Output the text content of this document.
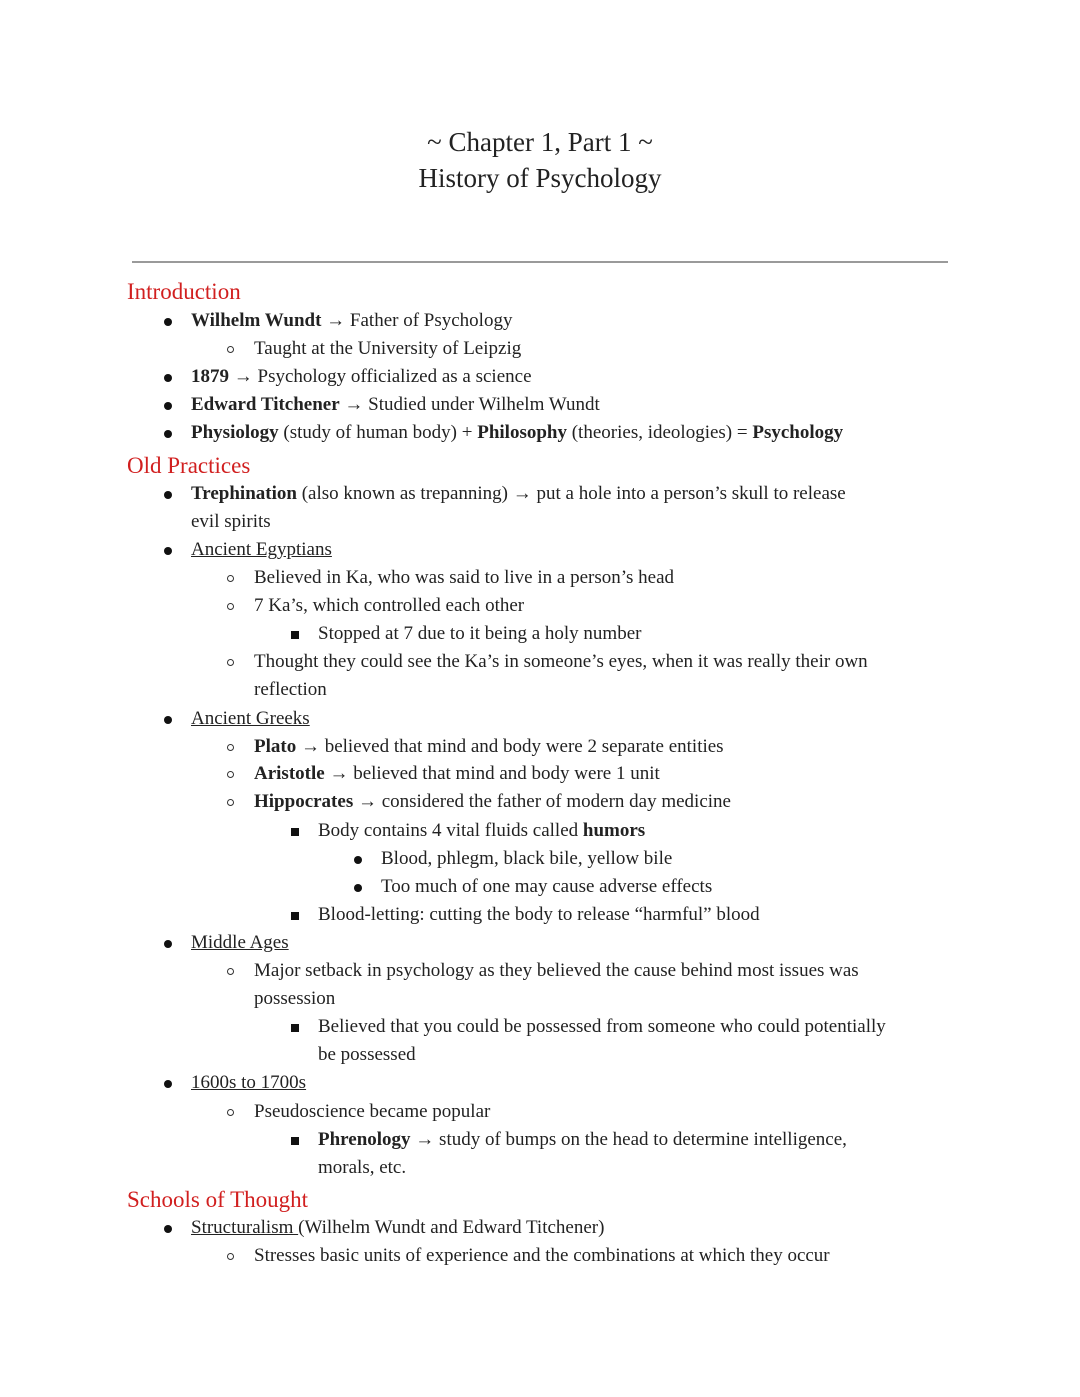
~ Chapter 1, Part 1 ~
History of Psychology
Introduction
Old Practices
Schools of Thought
Wilhelm Wundt → Father of Psychology
Taught at the University of Leipzig
1879 → Psychology officialized as a science
Edward Titchener → Studied under Wilhelm Wundt
Physiology (study of human body) + Philosophy (theories, ideologies) = Psychology
Trephination (also known as trepanning) → put a hole into a person’s skull to release
evil spirits
Ancient Egyptians
Believed in Ka, who was said to live in a person’s head
7 Ka’s, which controlled each other
Stopped at 7 due to it being a holy number
Thought they could see the Ka’s in someone’s eyes, when it was really their own
reflection
Ancient Greeks
Plato → believed that mind and body were 2 separate entities
Aristotle → believed that mind and body were 1 unit
Hippocrates → considered the father of modern day medicine
Body contains 4 vital fluids called humors
Blood, phlegm, black bile, yellow bile
Too much of one may cause adverse effects
Blood-letting: cutting the body to release “harmful” blood
Middle Ages
Major setback in psychology as they believed the cause behind most issues was
possession
Believed that you could be possessed from someone who could potentially
be possessed
1600s to 1700s
Pseudoscience became popular
Phrenology → study of bumps on the head to determine intelligence,
morals, etc.
Structuralism (Wilhelm Wundt and Edward Titchener)
Stresses basic units of experience and the combinations at which they occur
